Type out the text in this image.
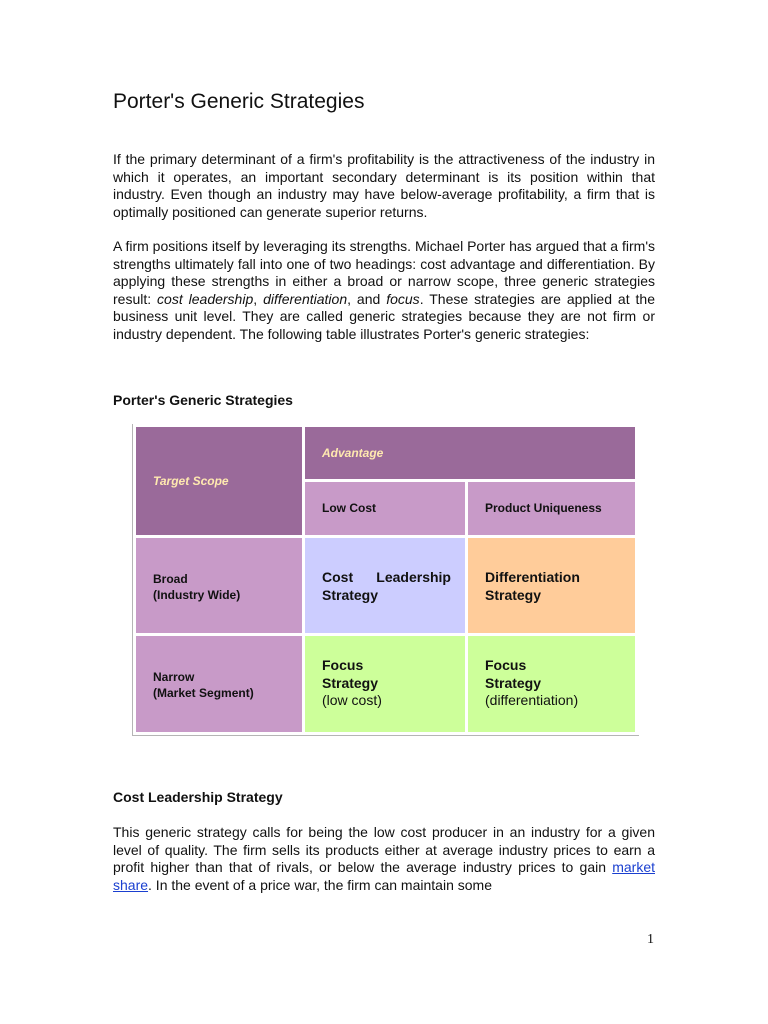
Porter's Generic Strategies

If the primary determinant of a firm's profitability is the attractiveness of the industry in which it operates, an important secondary determinant is its position within that industry. Even though an industry may have below-average profitability, a firm that is optimally positioned can generate superior returns.

A firm positions itself by leveraging its strengths. Michael Porter has argued that a firm's strengths ultimately fall into one of two headings: cost advantage and differentiation. By applying these strengths in either a broad or narrow scope, three generic strategies result: cost leadership, differentiation, and focus. These strategies are applied at the business unit level. They are called generic strategies because they are not firm or industry dependent. The following table illustrates Porter's generic strategies:

Porter's Generic Strategies

Target Scope
Advantage
Low Cost	Product Uniqueness
Broad
(Industry Wide)
Cost Leadership
Strategy
Differentiation
Strategy
Narrow
(Market Segment)
Focus
Strategy
(low cost)
Focus
Strategy
(differentiation)

Cost Leadership Strategy

This generic strategy calls for being the low cost producer in an industry for a given level of quality. The firm sells its products either at average industry prices to earn a profit higher than that of rivals, or below the average industry prices to gain market share. In the event of a price war, the firm can maintain some

1
